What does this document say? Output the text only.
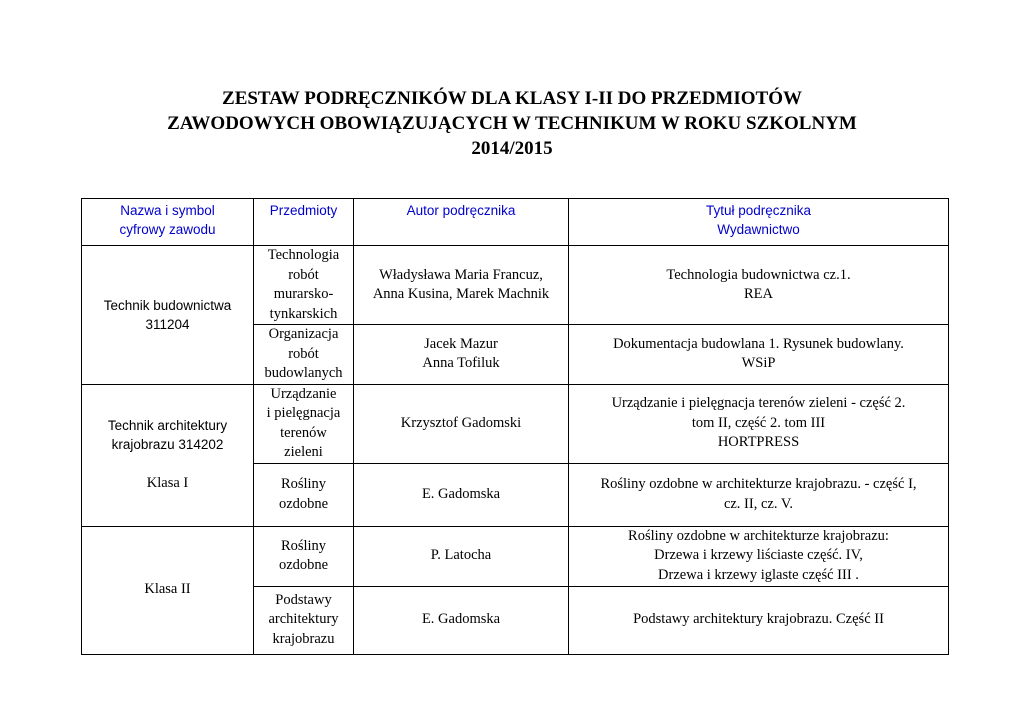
ZESTAW PODRĘCZNIKÓW DLA KLASY I-II DO PRZEDMIOTÓW
ZAWODOWYCH OBOWIĄZUJĄCYCH W TECHNIKUM W ROKU SZKOLNYM
2014/2015
Nazwa i symbol
cyfrowy zawodu	Przedmioty	Autor podręcznika	Tytuł podręcznika
Wydawnictwo

Technik budownictwa
311204	Technologia
robót
murarsko-
tynkarskich	Władysława Maria Francuz,
Anna Kusina, Marek Machnik	Technologia budownictwa cz.1.
REA

	Organizacja
robót
budowlanych	Jacek Mazur
Anna Tofiluk	Dokumentacja budowlana 1. Rysunek budowlany.
WSiP

Technik architektury
krajobrazu 314202
Klasa I	Urządzanie
i pielęgnacja
terenów
zieleni	Krzysztof Gadomski	Urządzanie i pielęgnacja terenów zieleni - część 2.
tom II, część 2. tom III
HORTPRESS

	Rośliny
ozdobne	E. Gadomska	Rośliny ozdobne w architekturze krajobrazu. - część I,
cz. II, cz. V.

Klasa II	Rośliny
ozdobne	P. Latocha	Rośliny ozdobne w architekturze krajobrazu:
Drzewa i krzewy liściaste część. IV,
Drzewa i krzewy iglaste część III .

	Podstawy
architektury
krajobrazu	E. Gadomska	Podstawy architektury krajobrazu. Część II
